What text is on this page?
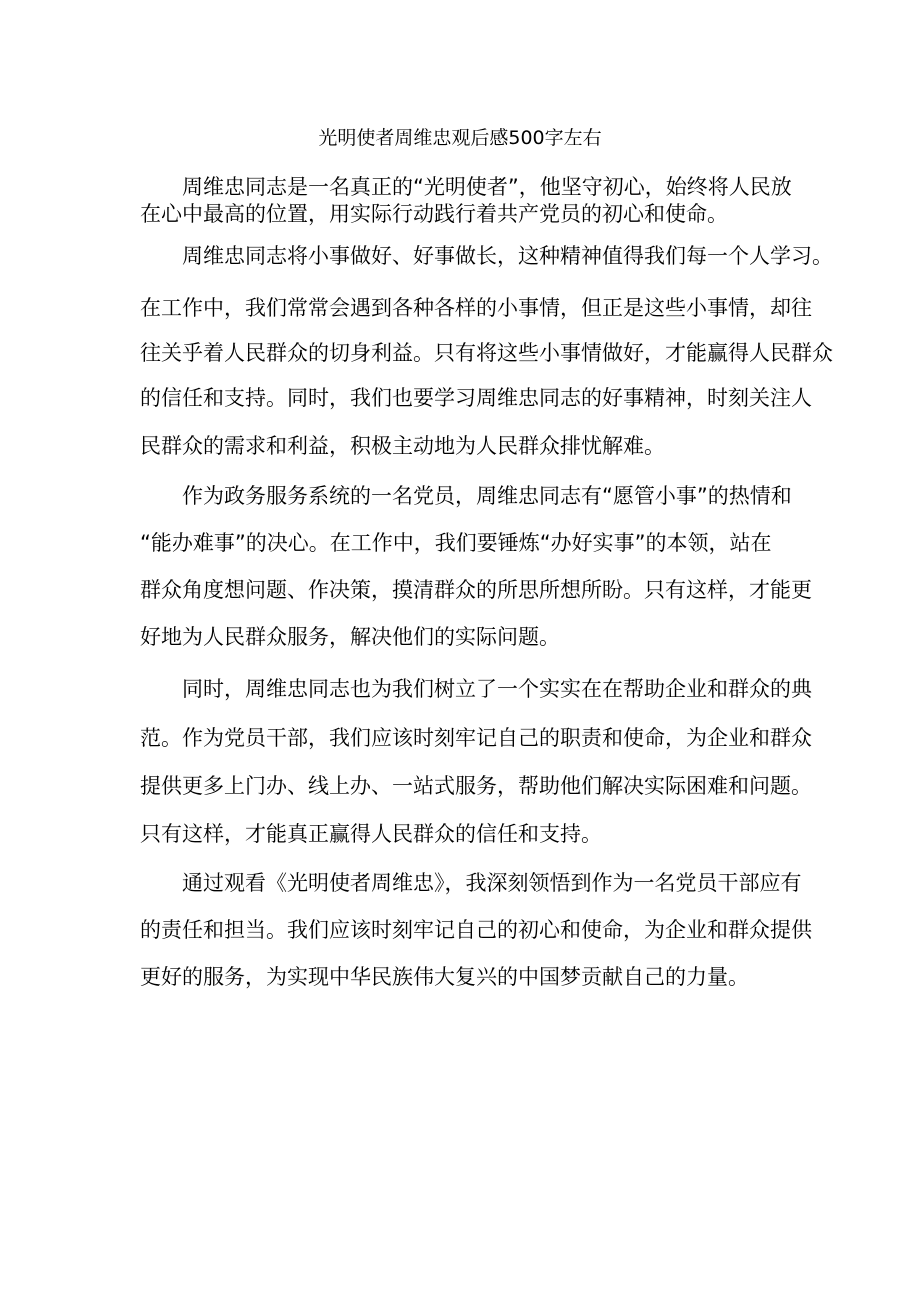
光明使者周维忠观后感500字左右

周维忠同志是一名真正的“光明使者”，他坚守初心，始终将人民放

在心中最高的位置，用实际行动践行着共产党员的初心和使命。

周维忠同志将小事做好、好事做长，这种精神值得我们每一个人学习。

在工作中，我们常常会遇到各种各样的小事情，但正是这些小事情，却往

往关乎着人民群众的切身利益。只有将这些小事情做好，才能赢得人民群众

的信任和支持。同时，我们也要学习周维忠同志的好事精神，时刻关注人

民群众的需求和利益，积极主动地为人民群众排忧解难。

作为政务服务系统的一名党员，周维忠同志有“愿管小事”的热情和

“能办难事”的决心。在工作中，我们要锤炼“办好实事”的本领，站在

群众角度想问题、作决策，摸清群众的所思所想所盼。只有这样，才能更

好地为人民群众服务，解决他们的实际问题。

同时，周维忠同志也为我们树立了一个实实在在帮助企业和群众的典

范。作为党员干部，我们应该时刻牢记自己的职责和使命，为企业和群众

提供更多上门办、线上办、一站式服务，帮助他们解决实际困难和问题。

只有这样，才能真正赢得人民群众的信任和支持。

通过观看《光明使者周维忠》，我深刻领悟到作为一名党员干部应有

的责任和担当。我们应该时刻牢记自己的初心和使命，为企业和群众提供

更好的服务，为实现中华民族伟大复兴的中国梦贡献自己的力量。
